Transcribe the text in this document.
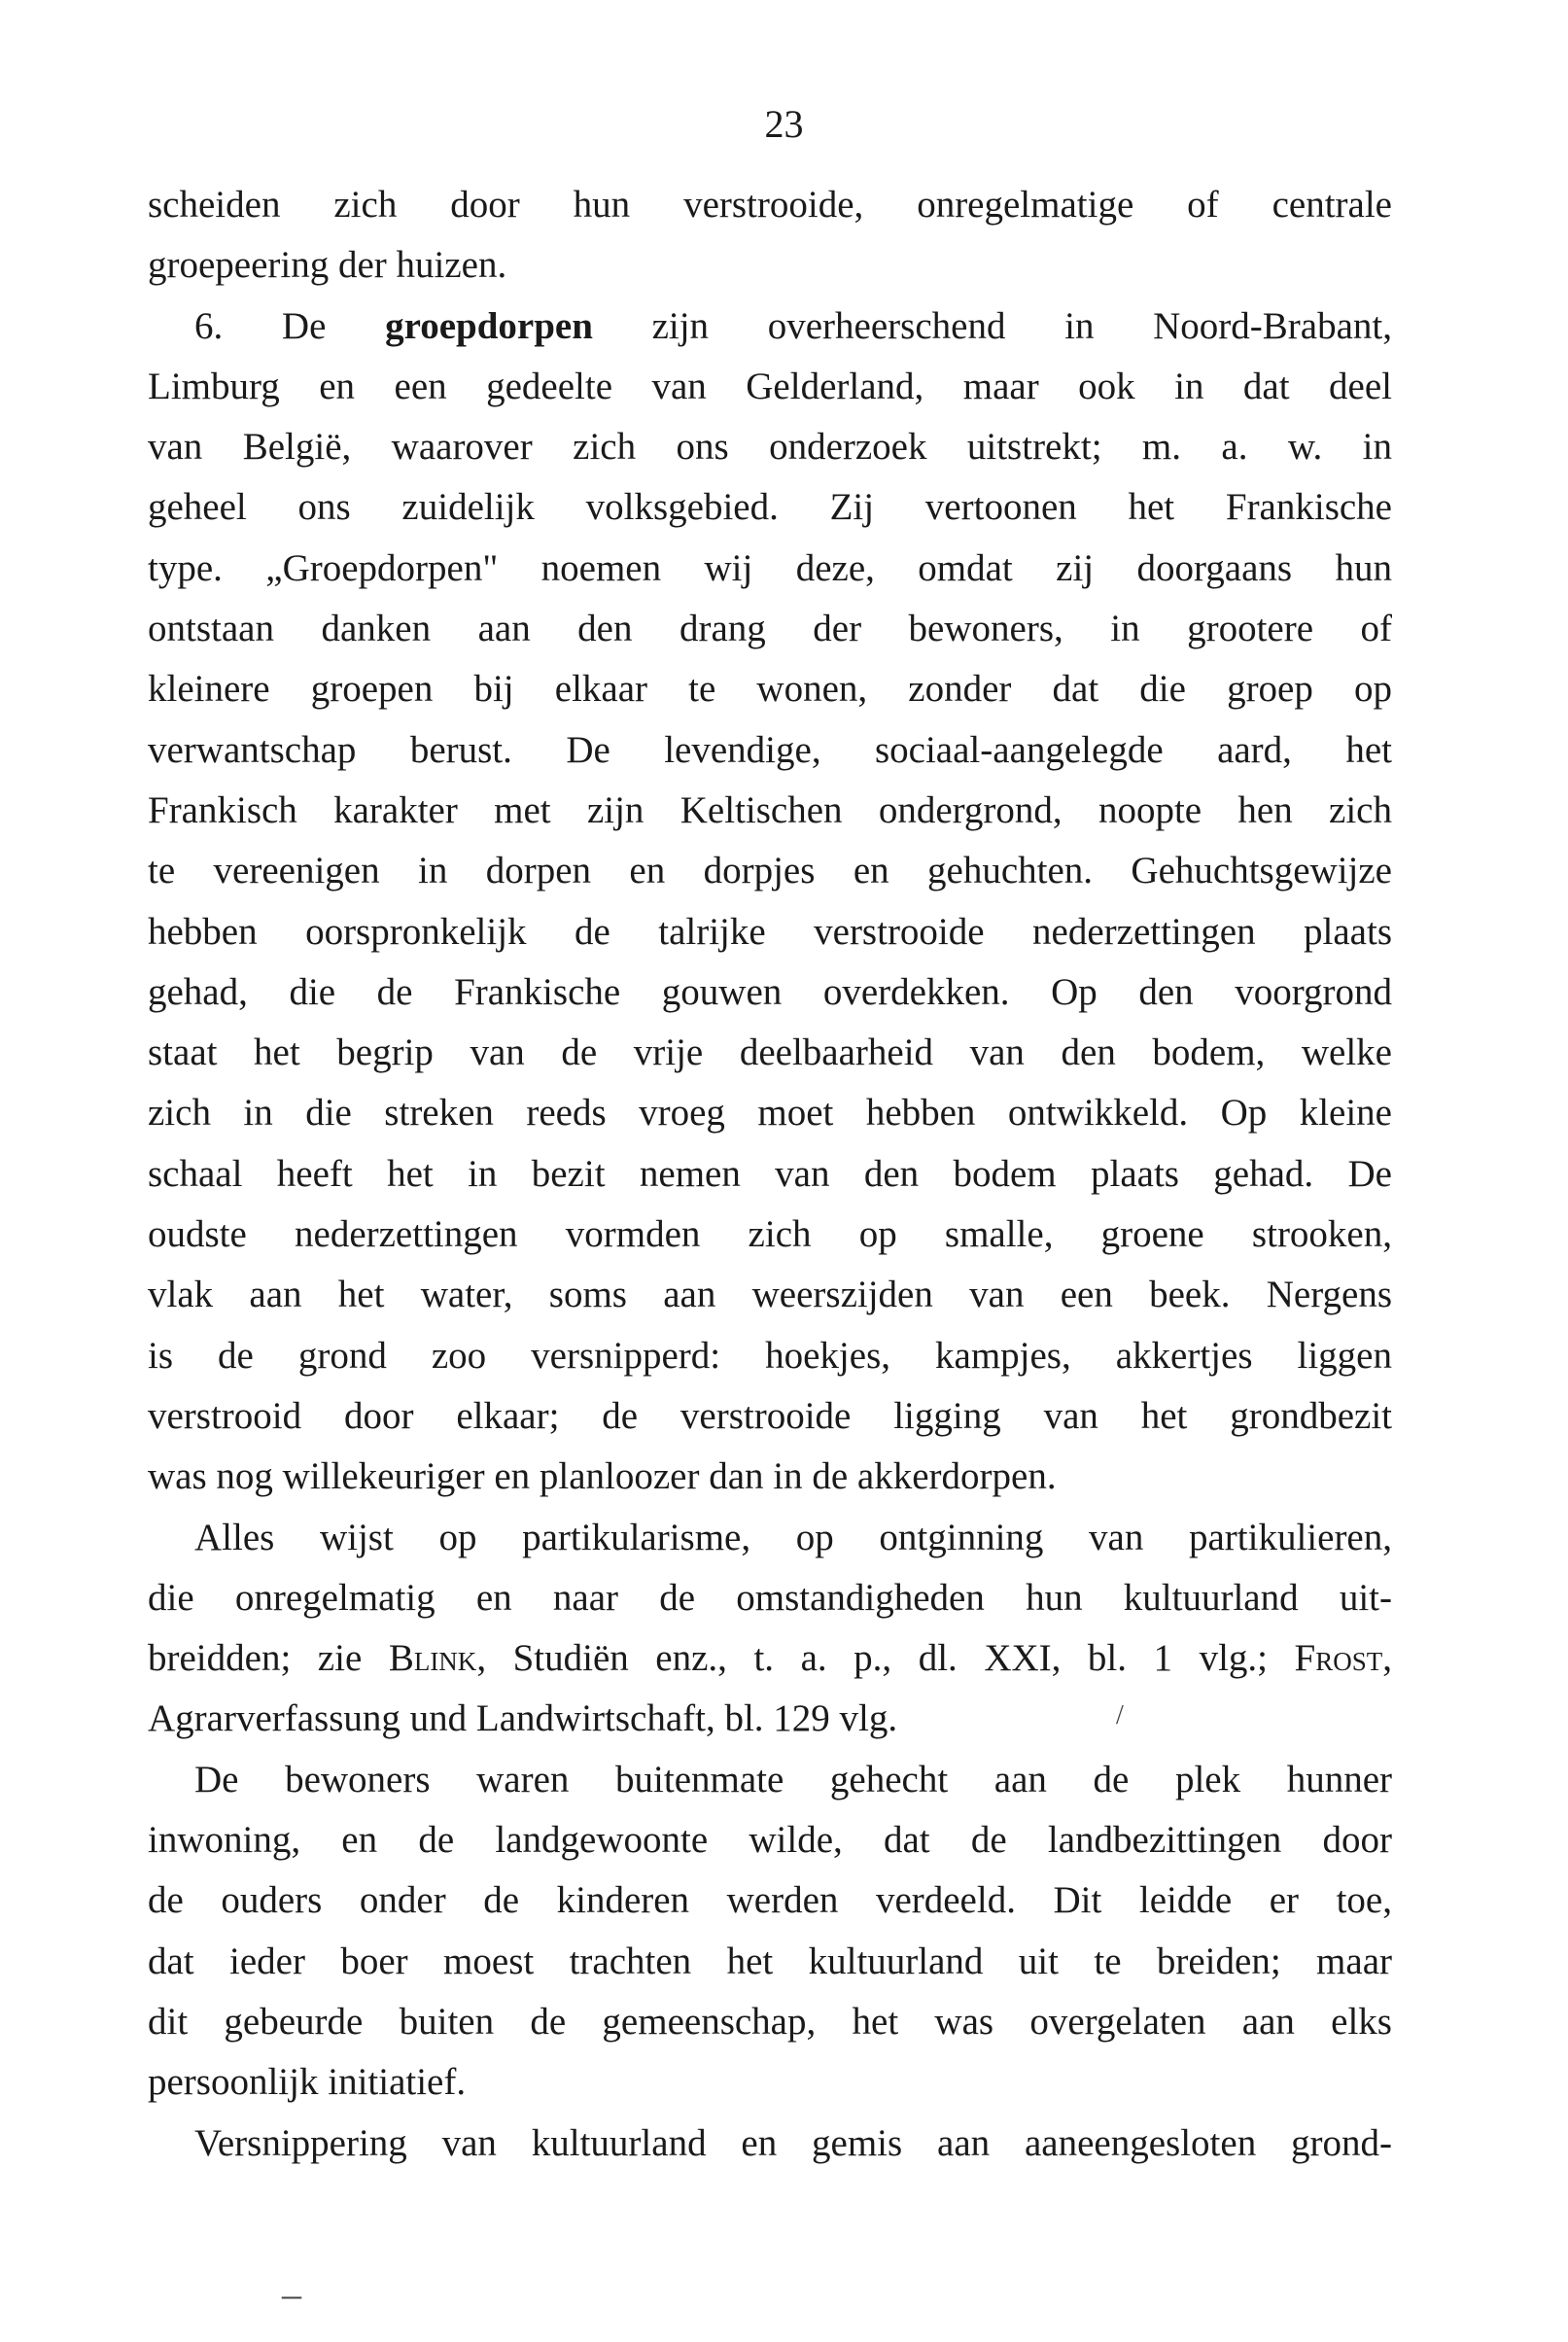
23
scheiden zich door hun verstrooide, onregelmatige of centrale
groepeering der huizen.
6. De groepdorpen zijn overheerschend in Noord-Brabant,
Limburg en een gedeelte van Gelderland, maar ook in dat deel
van België, waarover zich ons onderzoek uitstrekt; m. a. w. in
geheel ons zuidelijk volksgebied. Zij vertoonen het Frankische
type. „Groepdorpen" noemen wij deze, omdat zij doorgaans hun
ontstaan danken aan den drang der bewoners, in grootere of
kleinere groepen bij elkaar te wonen, zonder dat die groep op
verwantschap berust. De levendige, sociaal-aangelegde aard, het
Frankisch karakter met zijn Keltischen ondergrond, noopte hen zich
te vereenigen in dorpen en dorpjes en gehuchten. Gehuchtsgewijze
hebben oorspronkelijk de talrijke verstrooide nederzettingen plaats
gehad, die de Frankische gouwen overdekken. Op den voorgrond
staat het begrip van de vrije deelbaarheid van den bodem, welke
zich in die streken reeds vroeg moet hebben ontwikkeld. Op kleine
schaal heeft het in bezit nemen van den bodem plaats gehad. De
oudste nederzettingen vormden zich op smalle, groene strooken,
vlak aan het water, soms aan weerszijden van een beek. Nergens
is de grond zoo versnipperd: hoekjes, kampjes, akkertjes liggen
verstrooid door elkaar; de verstrooide ligging van het grondbezit
was nog willekeuriger en planloozer dan in de akkerdorpen.
Alles wijst op partikularisme, op ontginning van partikulieren,
die onregelmatig en naar de omstandigheden hun kultuurland uit-
breidden; zie Blink, Studiën enz., t. a. p., dl. XXI, bl. 1 vlg.; Frost,
Agrarverfassung und Landwirtschaft, bl. 129 vlg.
De bewoners waren buitenmate gehecht aan de plek hunner
inwoning, en de landgewoonte wilde, dat de landbezittingen door
de ouders onder de kinderen werden verdeeld. Dit leidde er toe,
dat ieder boer moest trachten het kultuurland uit te breiden; maar
dit gebeurde buiten de gemeenschap, het was overgelaten aan elks
persoonlijk initiatief.
Versnippering van kultuurland en gemis aan aaneengesloten grond-
/
–
